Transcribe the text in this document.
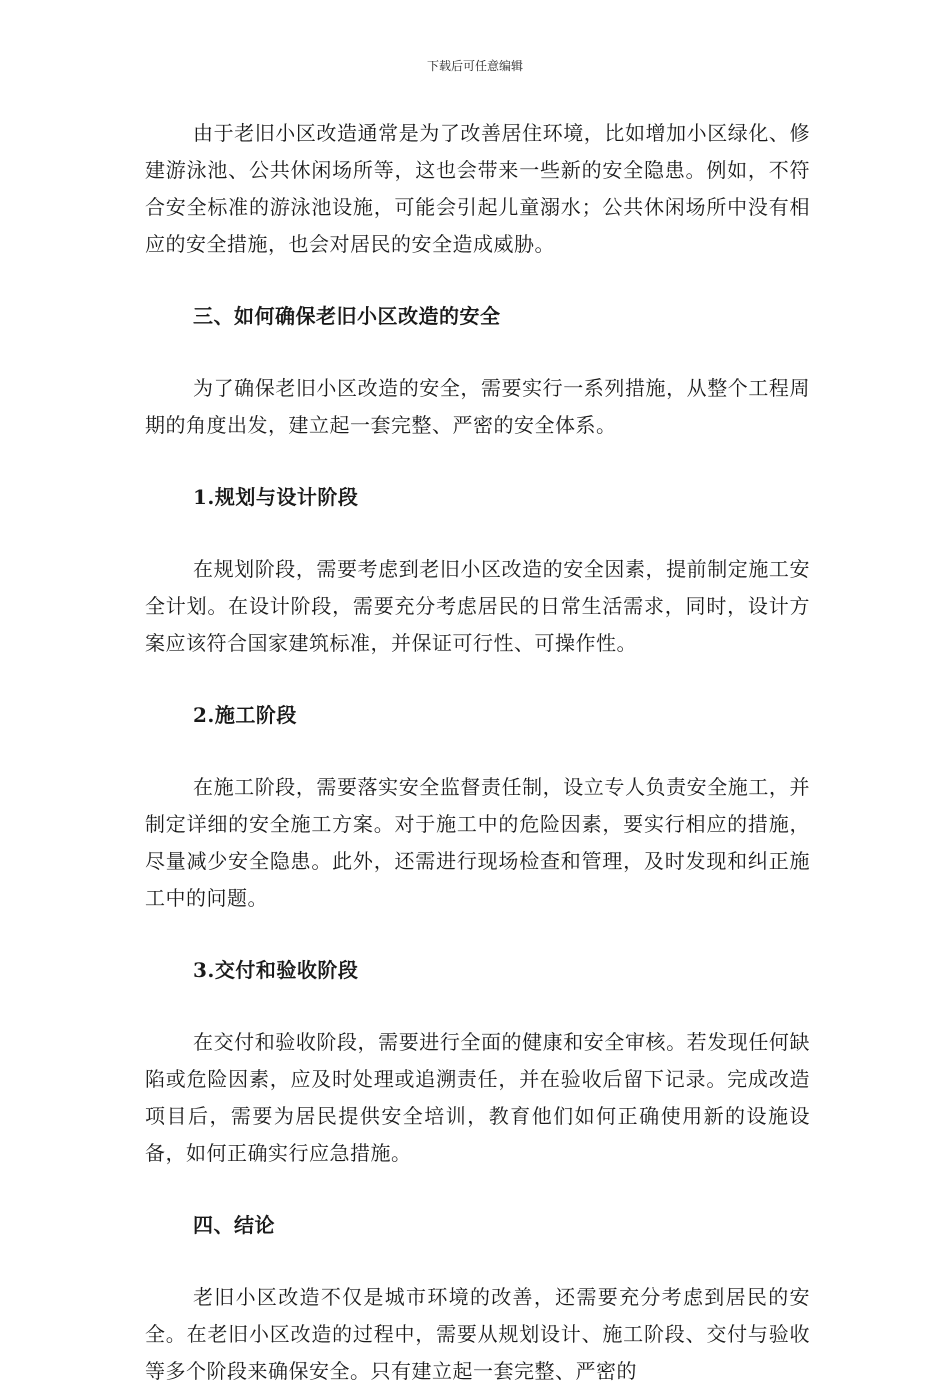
下载后可任意编辑

由于老旧小区改造通常是为了改善居住环境，比如增加小区绿化、修建游泳池、公共休闲场所等，这也会带来一些新的安全隐患。例如，不符合安全标准的游泳池设施，可能会引起儿童溺水；公共休闲场所中没有相应的安全措施，也会对居民的安全造成威胁。

三、如何确保老旧小区改造的安全

为了确保老旧小区改造的安全，需要实行一系列措施，从整个工程周期的角度出发，建立起一套完整、严密的安全体系。

1.规划与设计阶段

在规划阶段，需要考虑到老旧小区改造的安全因素，提前制定施工安全计划。在设计阶段，需要充分考虑居民的日常生活需求，同时，设计方案应该符合国家建筑标准，并保证可行性、可操作性。

2.施工阶段

在施工阶段，需要落实安全监督责任制，设立专人负责安全施工，并制定详细的安全施工方案。对于施工中的危险因素，要实行相应的措施，尽量减少安全隐患。此外，还需进行现场检查和管理，及时发现和纠正施工中的问题。

3.交付和验收阶段

在交付和验收阶段，需要进行全面的健康和安全审核。若发现任何缺陷或危险因素，应及时处理或追溯责任，并在验收后留下记录。完成改造项目后，需要为居民提供安全培训，教育他们如何正确使用新的设施设备，如何正确实行应急措施。

四、结论

老旧小区改造不仅是城市环境的改善，还需要充分考虑到居民的安全。在老旧小区改造的过程中，需要从规划设计、施工阶段、交付与验收等多个阶段来确保安全。只有建立起一套完整、严密的
